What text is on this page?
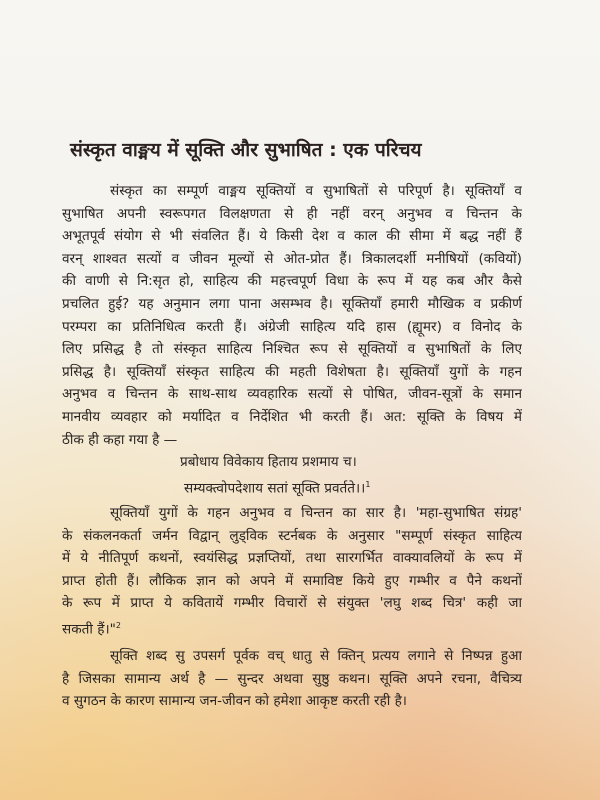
संस्कृत वाङ्मय में सूक्ति और सुभाषित : एक परिचय
संस्कृत का सम्पूर्ण वाङ्मय सूक्तियों व सुभाषितों से परिपूर्ण है। सूक्तियाँ व
सुभाषित अपनी स्वरूपगत विलक्षणता से ही नहीं वरन् अनुभव व चिन्तन के
अभूतपूर्व संयोग से भी संवलित हैं। ये किसी देश व काल की सीमा में बद्ध नहीं हैं
वरन् शाश्वत सत्यों व जीवन मूल्यों से ओत-प्रोत हैं। त्रिकालदर्शी मनीषियों (कवियों)
की वाणी से नि:सृत हो, साहित्य की महत्त्वपूर्ण विधा के रूप में यह कब और कैसे
प्रचलित हुई? यह अनुमान लगा पाना असम्भव है। सूक्तियाँ हमारी मौखिक व प्रकीर्ण
परम्परा का प्रतिनिधित्व करती हैं। अंग्रेजी साहित्य यदि हास (ह्यूमर) व विनोद के
लिए प्रसिद्ध है तो संस्कृत साहित्य निश्चित रूप से सूक्तियों व सुभाषितों के लिए
प्रसिद्ध है। सूक्तियाँ संस्कृत साहित्य की महती विशेषता है। सूक्तियाँ युगों के गहन
अनुभव व चिन्तन के साथ-साथ व्यवहारिक सत्यों से पोषित, जीवन-सूत्रों के समान
मानवीय व्यवहार को मर्यादित व निर्देशित भी करती हैं। अत: सूक्ति के विषय में
ठीक ही कहा गया है —
प्रबोधाय विवेकाय हिताय प्रशमाय च।
सम्यक्त्वोपदेशाय सतां सूक्ति प्रवर्तते।।$^1$
सूक्तियाँ युगों के गहन अनुभव व चिन्तन का सार है। 'महा-सुभाषित संग्रह'
के संकलनकर्ता जर्मन विद्वान् लुड्विक स्टर्नबक के अनुसार "सम्पूर्ण संस्कृत साहित्य
में ये नीतिपूर्ण कथनों, स्वयंसिद्ध प्रज्ञप्तियों, तथा सारगर्भित वाक्यावलियों के रूप में
प्राप्त होती हैं। लौकिक ज्ञान को अपने में समाविष्ट किये हुए गम्भीर व पैने कथनों
के रूप में प्राप्त ये कवितायें गम्भीर विचारों से संयुक्त 'लघु शब्द चित्र' कही जा
सकती हैं।"$^2$
सूक्ति शब्द सु उपसर्ग पूर्वक वच् धातु से क्तिन् प्रत्यय लगाने से निष्पन्न हुआ
है जिसका सामान्य अर्थ है — सुन्दर अथवा सुष्ठु कथन। सूक्ति अपने रचना, वैचित्र्य
व सुगठन के कारण सामान्य जन-जीवन को हमेशा आकृष्ट करती रही है।
